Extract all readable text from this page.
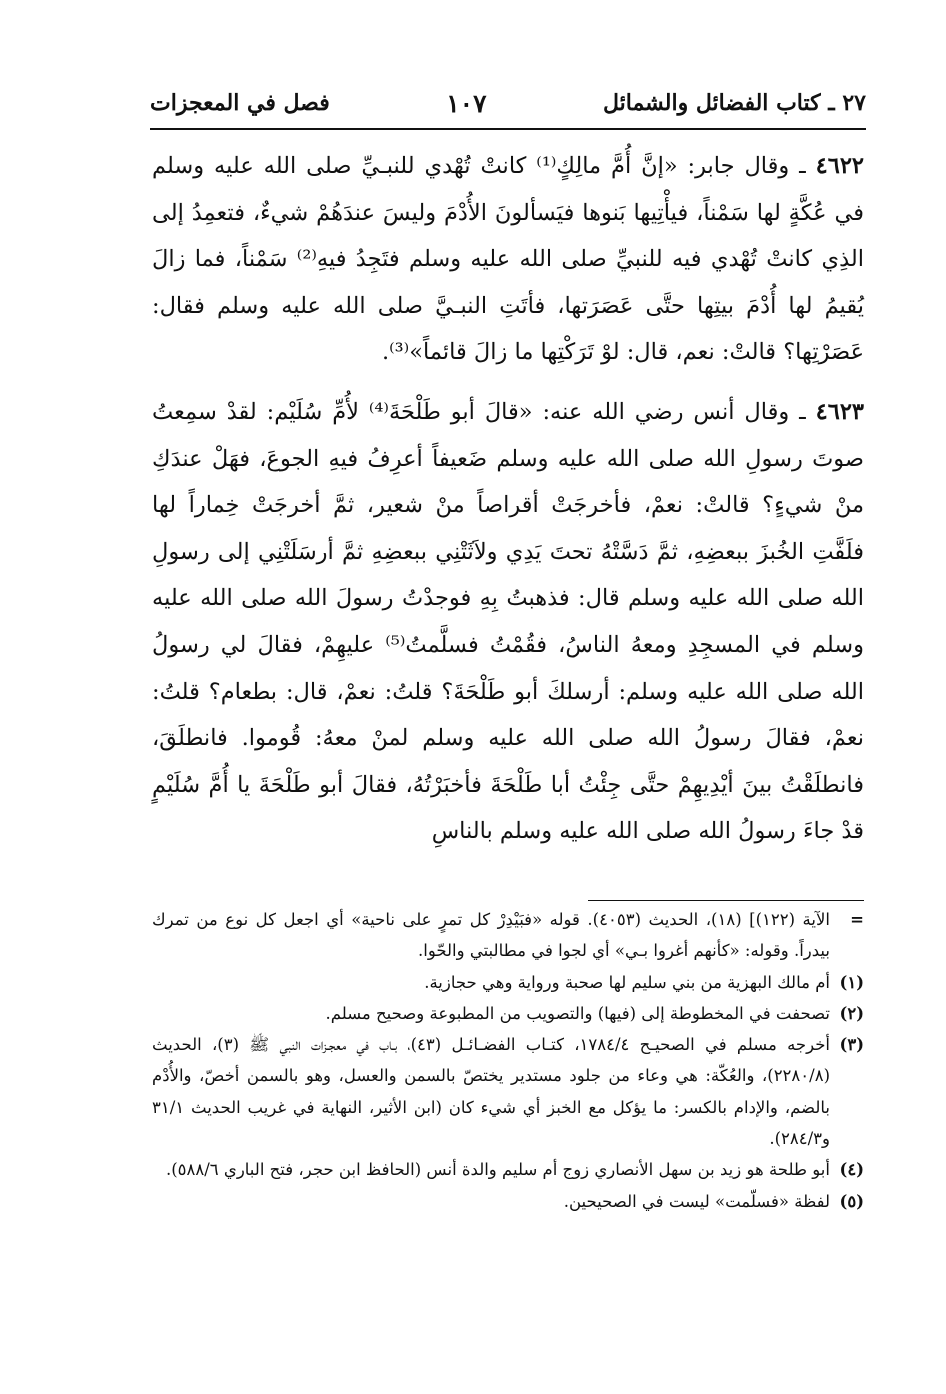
٢٧ ـ كتاب الفضائل والشمائل
١٠٧
فصل في المعجزات

٤٦٢٢ ـ وقال جابر: «إنَّ أُمَّ مالِكٍ⁽¹⁾ كانتْ تُهْدي للنبـيِّ صلى الله عليه وسلم في عُكَّةٍ لها سَمْناً، فيأْتِيها بَنوها فيَسألونَ الأُدْمَ وليسَ عندَهُمْ شيءٌ، فتعمِدُ إلى الذِي كانتْ تُهْدي فيه للنبيِّ صلى الله عليه وسلم فتَجِدُ فيهِ⁽²⁾ سَمْناً، فما زالَ يُقيمُ لها أُدْمَ بيتِها حتَّى عَصَرَتها، فأتَتِ النبـيَّ صلى الله عليه وسلم فقال: عَصَرْتِها؟ قالتْ: نعم، قال: لوْ تَرَكْتِها ما زالَ قائماً»⁽³⁾.

٤٦٢٣ ـ وقال أنس رضي الله عنه: «قالَ أبو طَلْحَةَ⁽⁴⁾ لأُمِّ سُلَيْم: لقدْ سمِعتُ صوتَ رسولِ الله صلى الله عليه وسلم ضَعيفاً أعرِفُ فيهِ الجوعَ، فهَلْ عندَكِ منْ شيءٍ؟ قالتْ: نعمْ، فأخرجَتْ أقراصاً منْ شعير، ثمَّ أخرجَتْ خِماراً لها فلَفَّتِ الخُبزَ ببعضِهِ، ثمَّ دَسَّتْهُ تحتَ يَدِي ولاَثَتْنِي ببعضِهِ ثمَّ أرسَلَتْنِي إلى رسولِ الله صلى الله عليه وسلم قال: فذهبتُ بِهِ فوجدْتُ رسولَ الله صلى الله عليه وسلم في المسجِدِ ومعهُ الناسُ، فقُمْتُ فسلَّمتُ⁽⁵⁾ عليهِمْ، فقالَ لي رسولُ الله صلى الله عليه وسلم: أرسلكَ أبو طَلْحَةَ؟ قلتُ: نعمْ، قال: بطعام؟ قلتُ: نعمْ، فقالَ رسولُ الله صلى الله عليه وسلم لمنْ معهُ: قُوموا. فانطلَقَ، فانطلَقْتُ بينَ أيْدِيهِمْ حتَّى جِئْتُ أبا طَلْحَةَ فأخبَرْتُهُ، فقالَ أبو طَلْحَةَ يا أُمَّ سُلَيْمٍ قدْ جاءَ رسولُ الله صلى الله عليه وسلم بالناسِ

=
الآية (١٢٢)] (١٨)، الحديث (٤٠٥٣). قوله «فبَيْدِرْ كل تمرٍ على ناحية» أي اجعل كل نوع من تمرك بيدراً. وقوله: «كأنهم أغروا بـي» أي لجوا في مطالبتي والحّوا.
(١)
أم مالك البهزية من بني سليم لها صحبة ورواية وهي حجازية.
(٢)
تصحفت في المخطوطة إلى (فيها) والتصويب من المطبوعة وصحيح مسلم.
(٣)
أخرجه مسلم في الصحيـح ١٧٨٤/٤، كتـاب الفضـائـل (٤٣)، بـاب في معجـزات النبي ﷺ (٣)، الحديث (٢٢٨٠/٨)، والعُكّة: هي وعاء من جلود مستدير يختصّ بالسمن والعسل، وهو بالسمن أخصّ، والأُدْم بالضم، والإدام بالكسر: ما يؤكل مع الخبز أي شيء كان (ابن الأثير، النهاية في غريب الحديث ٣١/١ و٢٨٤/٣).
(٤)
أبو طلحة هو زيد بن سهل الأنصاري زوج أم سليم والدة أنس (الحافظ ابن حجر، فتح الباري ٥٨٨/٦).
(٥)
لفظة «فسلّمت» ليست في الصحيحين.
